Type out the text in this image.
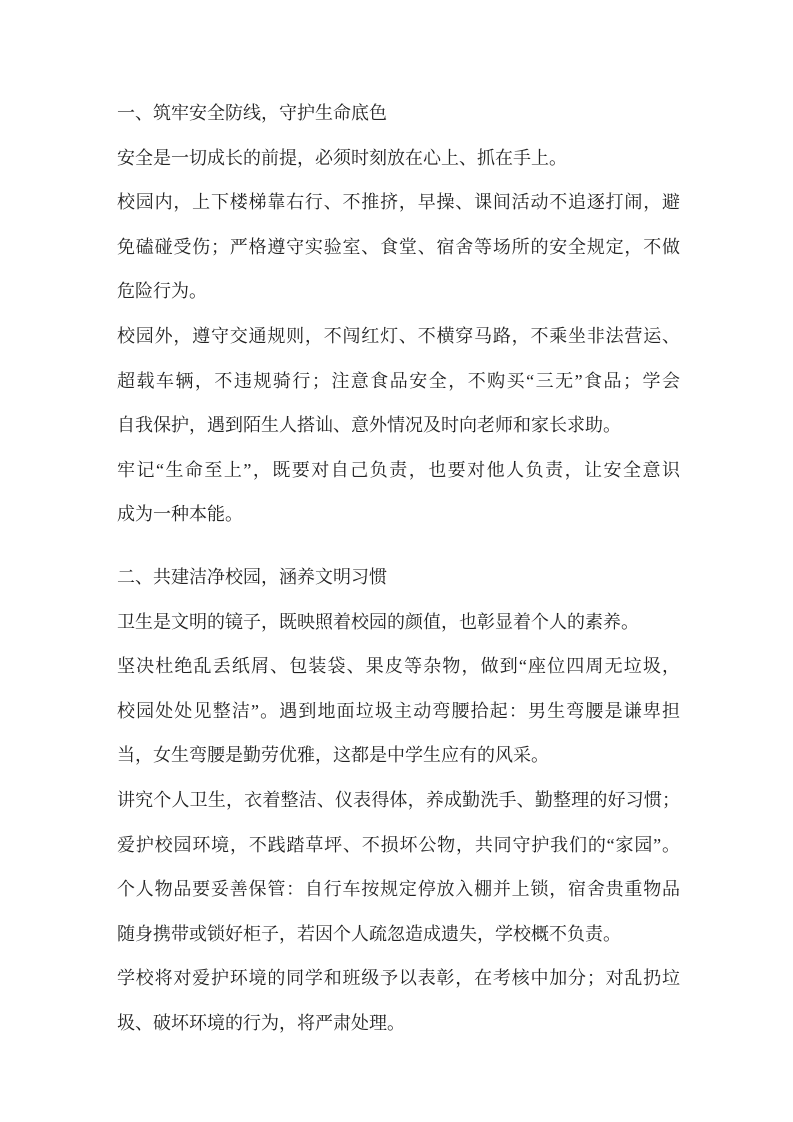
一、筑牢安全防线，守护生命底色
安全是一切成长的前提，必须时刻放在心上、抓在手上。
校园内，上下楼梯靠右行、不推挤，早操、课间活动不追逐打闹，避
免磕碰受伤；严格遵守实验室、食堂、宿舍等场所的安全规定，不做
危险行为。
校园外，遵守交通规则，不闯红灯、不横穿马路，不乘坐非法营运、
超载车辆，不违规骑行；注意食品安全，不购买“三无”食品；学会
自我保护，遇到陌生人搭讪、意外情况及时向老师和家长求助。
牢记“生命至上”，既要对自己负责，也要对他人负责，让安全意识
成为一种本能。
二、共建洁净校园，涵养文明习惯
卫生是文明的镜子，既映照着校园的颜值，也彰显着个人的素养。
坚决杜绝乱丢纸屑、包装袋、果皮等杂物，做到“座位四周无垃圾，
校园处处见整洁”。遇到地面垃圾主动弯腰拾起：男生弯腰是谦卑担
当，女生弯腰是勤劳优雅，这都是中学生应有的风采。
讲究个人卫生，衣着整洁、仪表得体，养成勤洗手、勤整理的好习惯；
爱护校园环境，不践踏草坪、不损坏公物，共同守护我们的“家园”。
个人物品要妥善保管：自行车按规定停放入棚并上锁，宿舍贵重物品
随身携带或锁好柜子，若因个人疏忽造成遗失，学校概不负责。
学校将对爱护环境的同学和班级予以表彰，在考核中加分；对乱扔垃
圾、破坏环境的行为，将严肃处理。
